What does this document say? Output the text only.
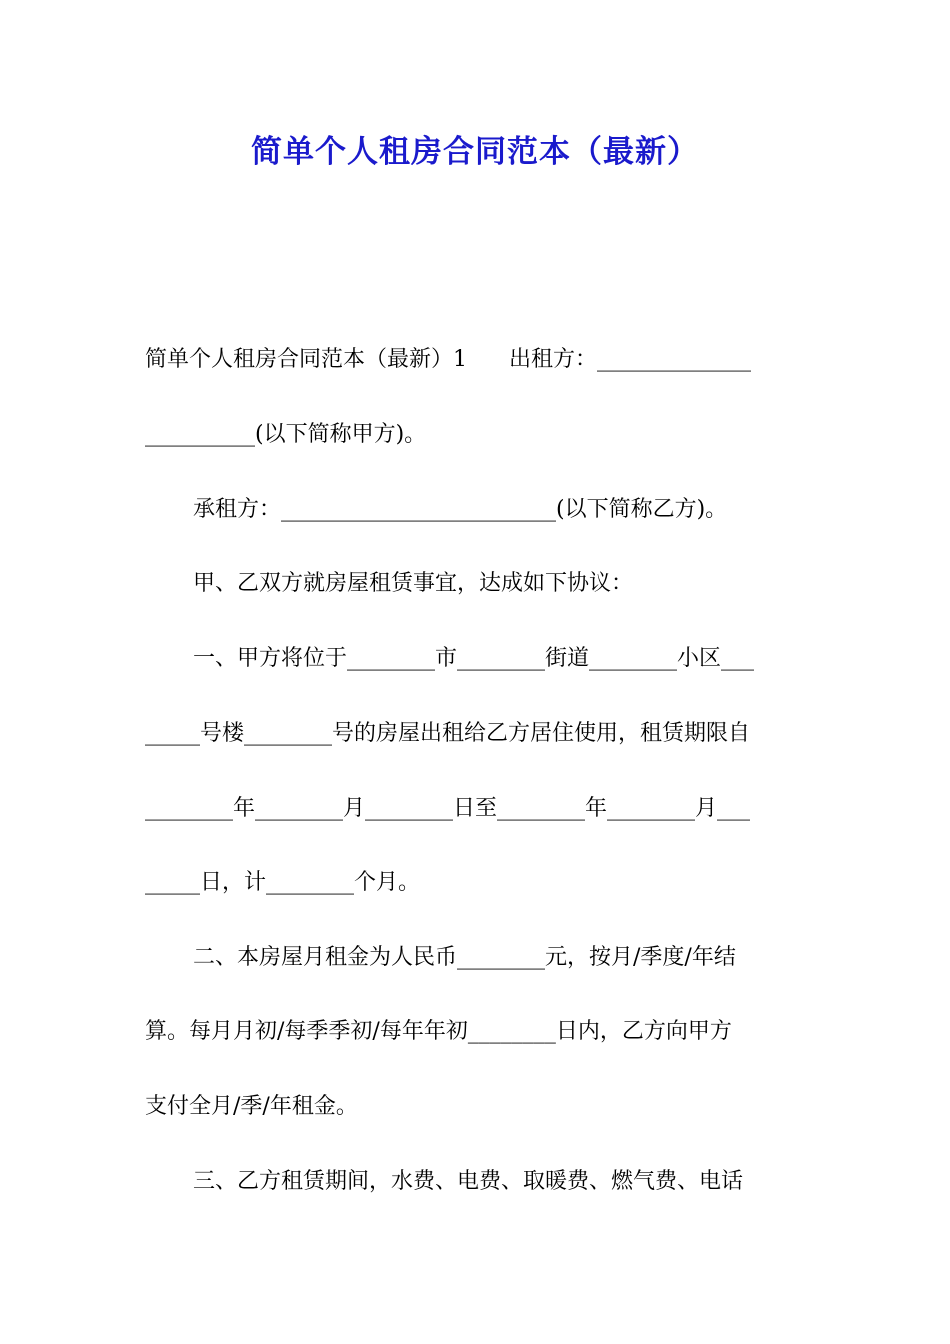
简单个人租房合同范本（最新）
简单个人租房合同范本（最新）1      出租方：______________
__________(以下简称甲方)。
承租方：_________________________(以下简称乙方)。
甲、乙双方就房屋租赁事宜，达成如下协议：
一、甲方将位于________市________街道________小区___
_____号楼________号的房屋出租给乙方居住使用，租赁期限自
________年________月________日至________年________月___
_____日，计________个月。
二、本房屋月租金为人民币________元，按月/季度/年结
算。每月月初/每季季初/每年年初________日内，乙方向甲方
支付全月/季/年租金。
三、乙方租赁期间，水费、电费、取暖费、燃气费、电话
